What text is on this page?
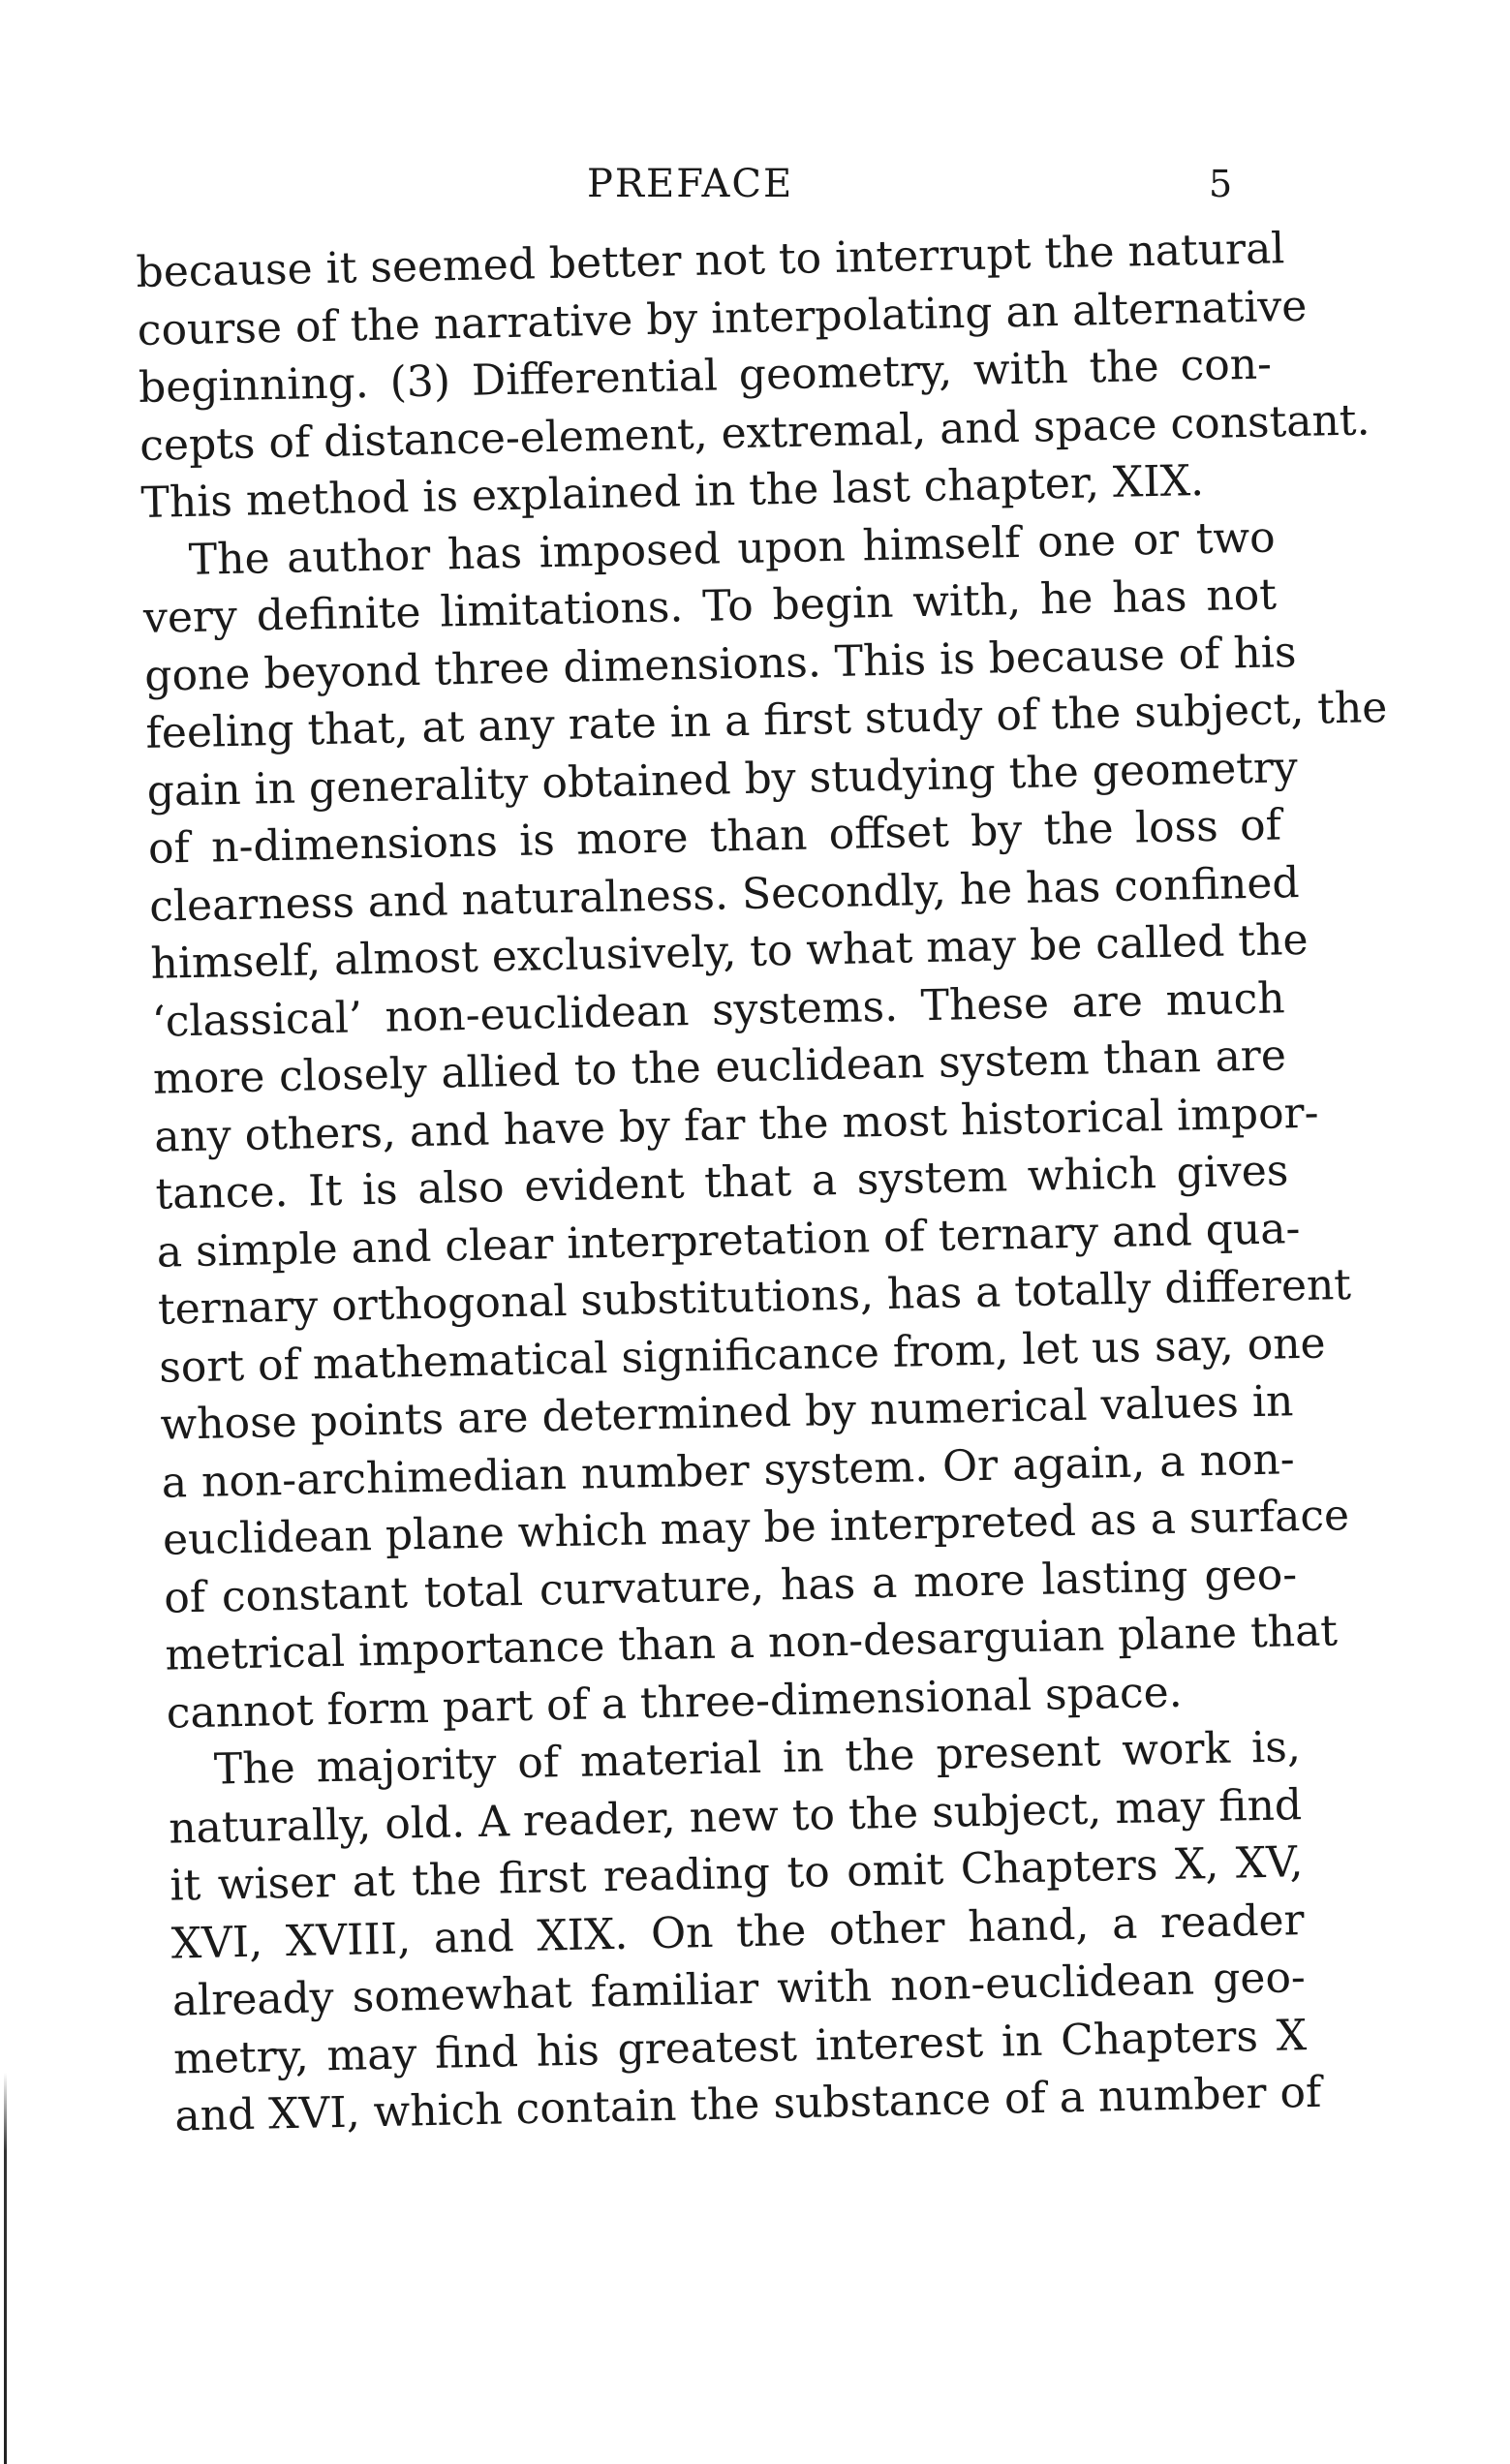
PREFACE	5
because it seemed better not to interrupt the natural
course of the narrative by interpolating an alternative
beginning. (3) Differential geometry, with the con-
cepts of distance-element, extremal, and space constant.
This method is explained in the last chapter, XIX.
The author has imposed upon himself one or two
very definite limitations. To begin with, he has not
gone beyond three dimensions. This is because of his
feeling that, at any rate in a first study of the subject, the
gain in generality obtained by studying the geometry
of n-dimensions is more than offset by the loss of
clearness and naturalness. Secondly, he has confined
himself, almost exclusively, to what may be called the
‘classical’ non-euclidean systems. These are much
more closely allied to the euclidean system than are
any others, and have by far the most historical impor-
tance. It is also evident that a system which gives
a simple and clear interpretation of ternary and qua-
ternary orthogonal substitutions, has a totally different
sort of mathematical significance from, let us say, one
whose points are determined by numerical values in
a non-archimedian number system. Or again, a non-
euclidean plane which may be interpreted as a surface
of constant total curvature, has a more lasting geo-
metrical importance than a non-desarguian plane that
cannot form part of a three-dimensional space.
The majority of material in the present work is,
naturally, old. A reader, new to the subject, may find
it wiser at the first reading to omit Chapters X, XV,
XVI, XVIII, and XIX. On the other hand, a reader
already somewhat familiar with non-euclidean geo-
metry, may find his greatest interest in Chapters X
and XVI, which contain the substance of a number of
